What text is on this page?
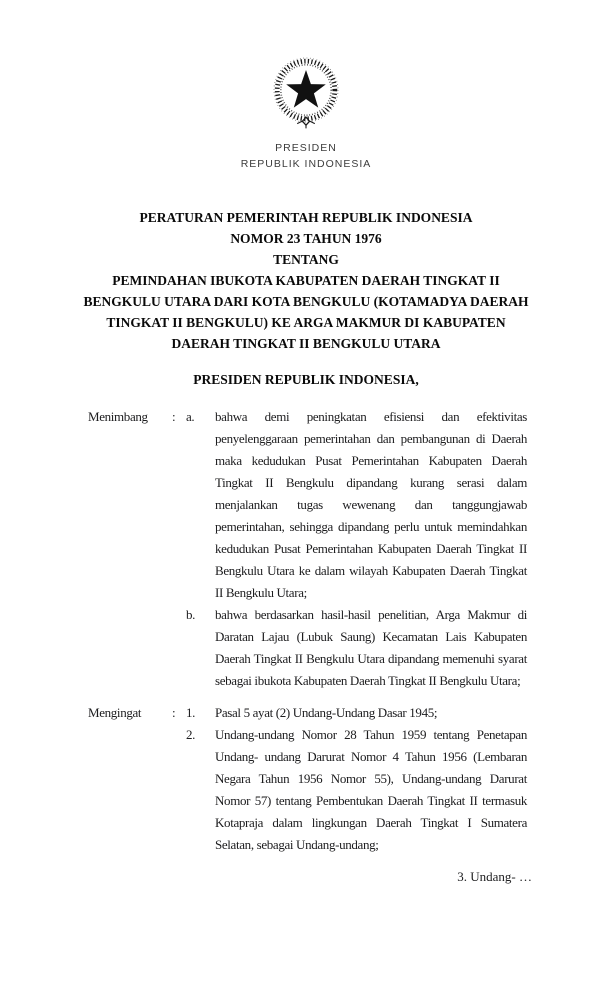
PRESIDEN
REPUBLIK INDONESIA
PERATURAN PEMERINTAH REPUBLIK INDONESIA
NOMOR 23 TAHUN 1976
TENTANG
PEMINDAHAN IBUKOTA KABUPATEN DAERAH TINGKAT II BENGKULU UTARA DARI KOTA BENGKULU (KOTAMADYA DAERAH TINGKAT II BENGKULU) KE ARGA MAKMUR DI KABUPATEN DAERAH TINGKAT II BENGKULU UTARA
PRESIDEN REPUBLIK INDONESIA,
Menimbang	: a.	bahwa demi peningkatan efisiensi dan efektivitas penyelenggaraan pemerintahan dan pembangunan di Daerah maka kedudukan Pusat Pemerintahan Kabupaten Daerah Tingkat II Bengkulu dipandang kurang serasi dalam menjalankan tugas wewenang dan tanggungjawab pemerintahan, sehingga dipandang perlu untuk memindahkan kedudukan Pusat Pemerintahan Kabupaten Daerah Tingkat II Bengkulu Utara ke dalam wilayah Kabupaten Daerah Tingkat II Bengkulu Utara;
b.	bahwa berdasarkan hasil-hasil penelitian, Arga Makmur di Daratan Lajau (Lubuk Saung) Kecamatan Lais Kabupaten Daerah Tingkat II Bengkulu Utara dipandang memenuhi syarat sebagai ibukota Kabupaten Daerah Tingkat II Bengkulu Utara;
Mengingat	: 1.	Pasal 5 ayat (2) Undang-Undang Dasar 1945;
2.	Undang-undang Nomor 28 Tahun 1959 tentang Penetapan Undang- undang Darurat Nomor 4 Tahun 1956 (Lembaran Negara Tahun 1956 Nomor 55), Undang-undang Darurat Nomor 57) tentang Pembentukan Daerah Tingkat II termasuk Kotapraja dalam lingkungan Daerah Tingkat I Sumatera Selatan, sebagai Undang-undang;
3. Undang- …
